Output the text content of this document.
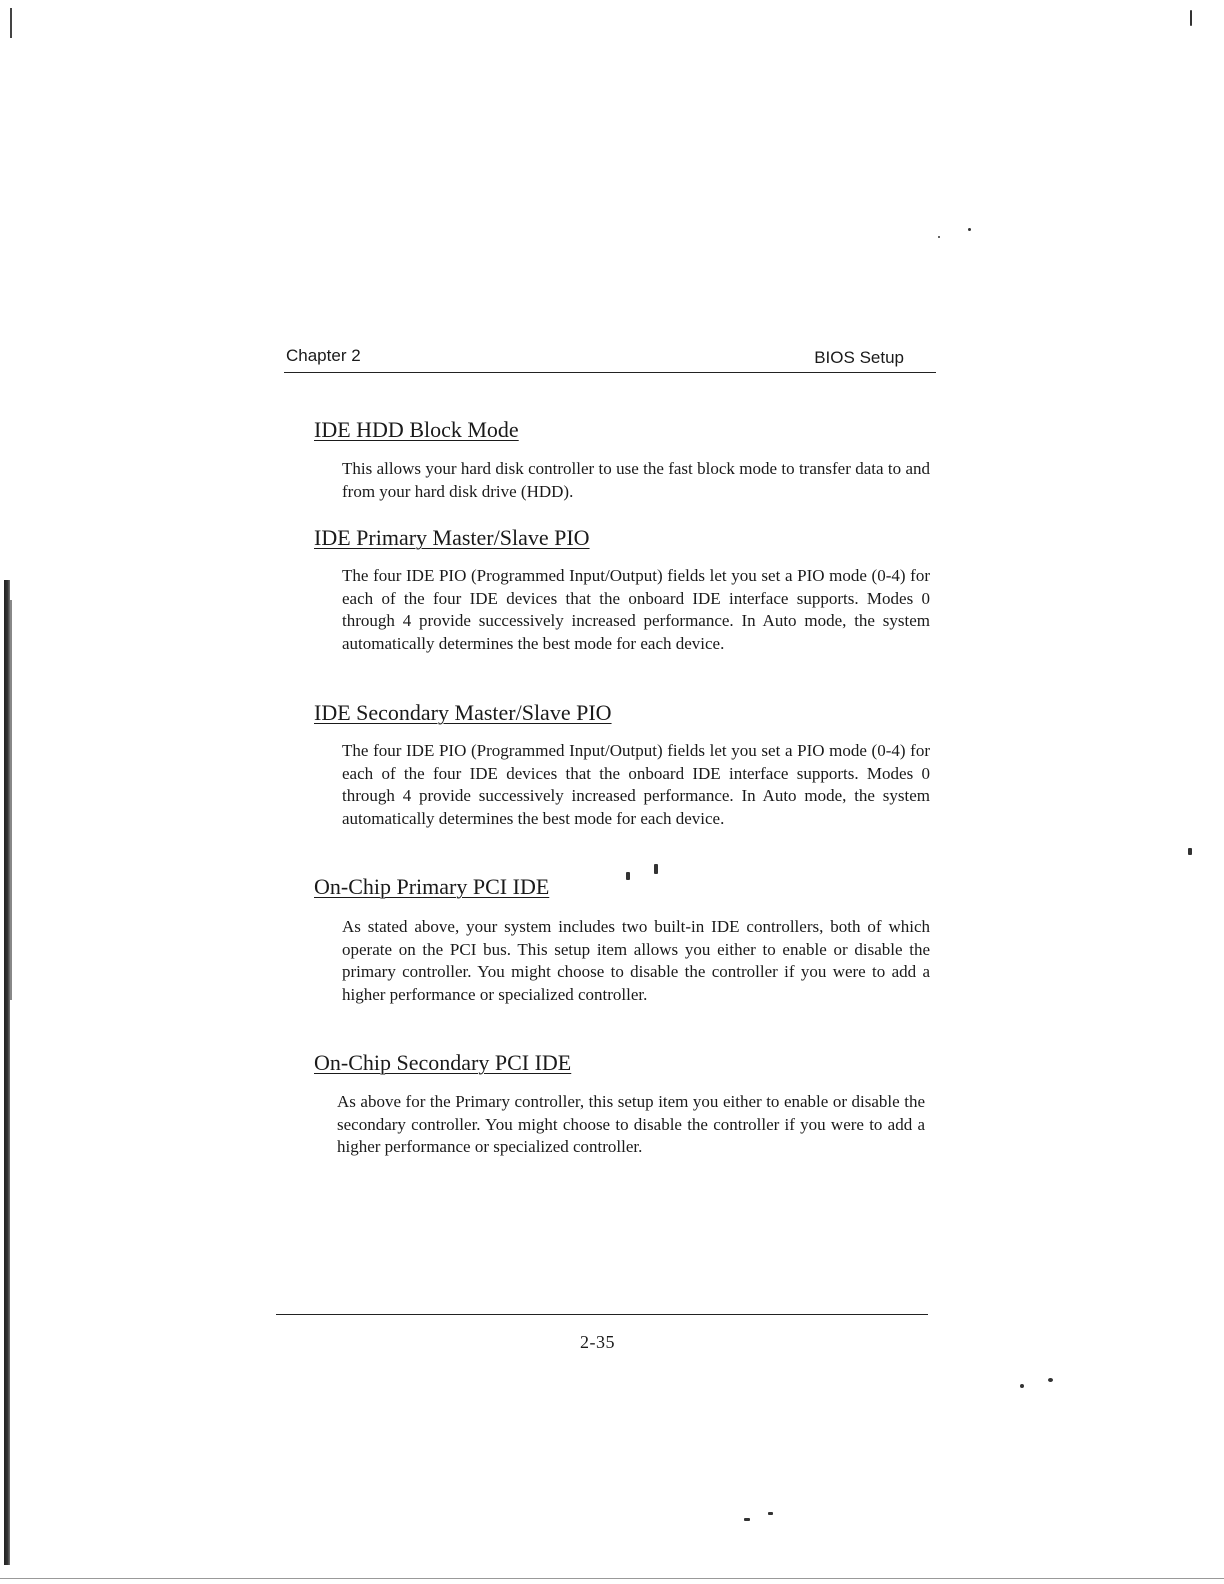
Chapter 2	BIOS Setup
IDE HDD Block Mode
This allows your hard disk controller to use the fast block mode to transfer data to and from your hard disk drive (HDD).
IDE Primary Master/Slave PIO
The four IDE PIO (Programmed Input/Output) fields let you set a PIO mode (0-4) for each of the four IDE devices that the onboard IDE interface supports. Modes 0 through 4 provide successively increased performance. In Auto mode, the system automatically determines the best mode for each device.
IDE Secondary Master/Slave PIO
The four IDE PIO (Programmed Input/Output) fields let you set a PIO mode (0-4) for each of the four IDE devices that the onboard IDE interface supports. Modes 0 through 4 provide successively increased performance. In Auto mode, the system automatically determines the best mode for each device.
On-Chip Primary PCI IDE
As stated above, your system includes two built-in IDE controllers, both of which operate on the PCI bus. This setup item allows you either to enable or disable the primary controller. You might choose to disable the controller if you were to add a higher performance or specialized controller.
On-Chip Secondary PCI IDE
As above for the Primary controller, this setup item you either to enable or disable the secondary controller. You might choose to disable the controller if you were to add a higher performance or specialized controller.
2-35
